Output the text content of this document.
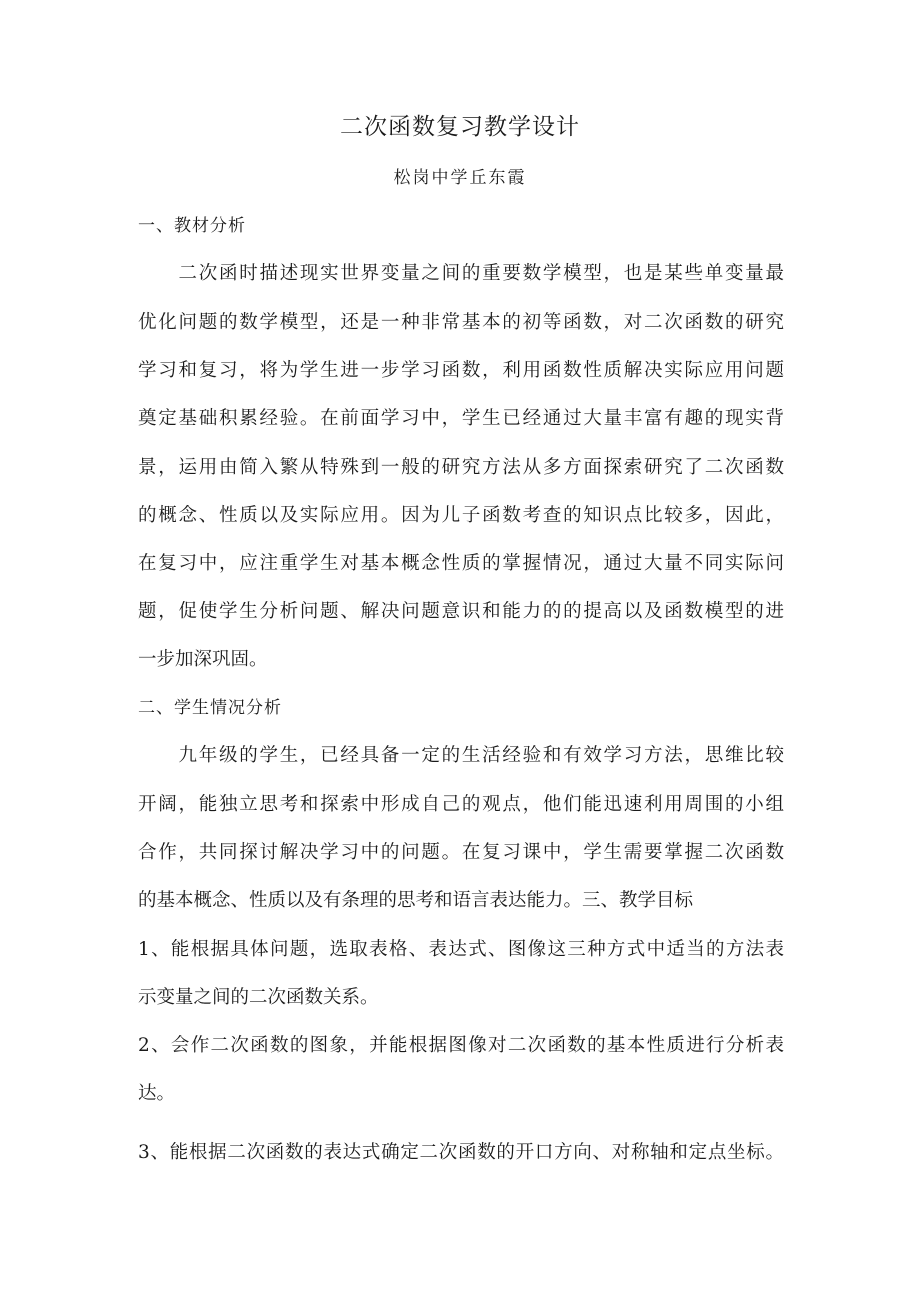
二次函数复习教学设计
松岗中学丘东霞
一、教材分析
　　二次函时描述现实世界变量之间的重要数学模型，也是某些单变量最
优化问题的数学模型，还是一种非常基本的初等函数，对二次函数的研究
学习和复习，将为学生进一步学习函数，利用函数性质解决实际应用问题
奠定基础积累经验。在前面学习中，学生已经通过大量丰富有趣的现实背
景，运用由简入繁从特殊到一般的研究方法从多方面探索研究了二次函数
的概念、性质以及实际应用。因为儿子函数考查的知识点比较多，因此，
在复习中，应注重学生对基本概念性质的掌握情况，通过大量不同实际问
题，促使学生分析问题、解决问题意识和能力的的提高以及函数模型的进
一步加深巩固。
二、学生情况分析
　　九年级的学生，已经具备一定的生活经验和有效学习方法，思维比较
开阔，能独立思考和探索中形成自己的观点，他们能迅速利用周围的小组
合作，共同探讨解决学习中的问题。在复习课中，学生需要掌握二次函数
的基本概念、性质以及有条理的思考和语言表达能力。三、教学目标
1、能根据具体问题，选取表格、表达式、图像这三种方式中适当的方法表
示变量之间的二次函数关系。
2、会作二次函数的图象，并能根据图像对二次函数的基本性质进行分析表
达。
3、能根据二次函数的表达式确定二次函数的开口方向、对称轴和定点坐标。
